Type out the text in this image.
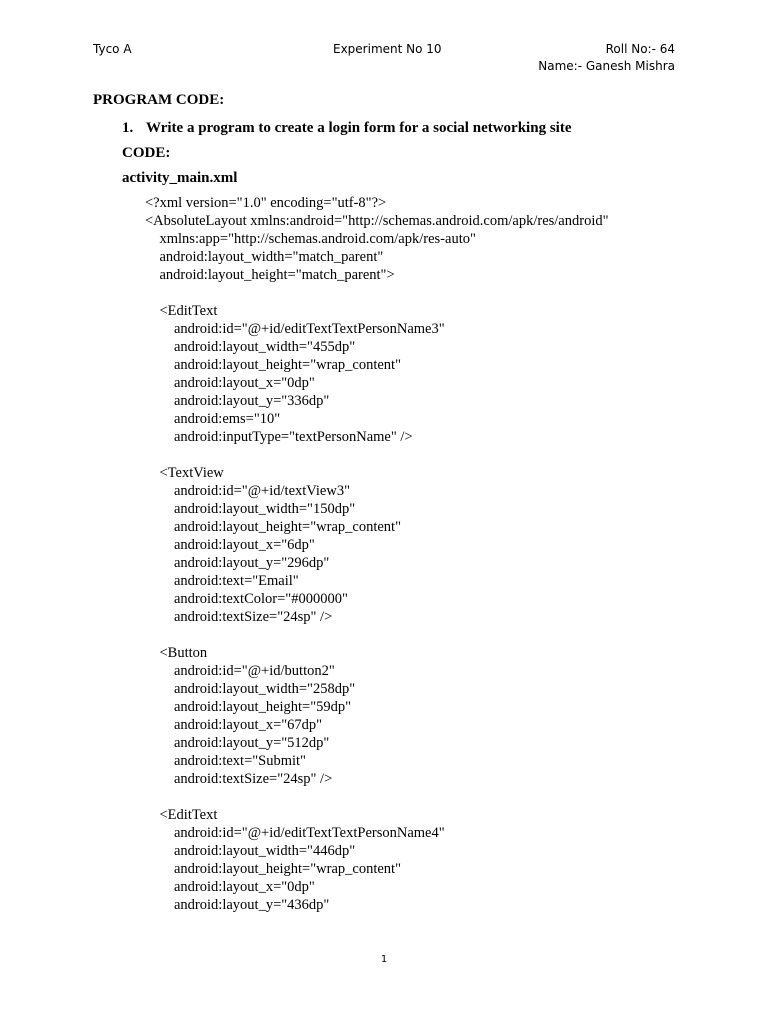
Tyco A	Experiment No 10	Roll No:- 64
Name:- Ganesh Mishra
PROGRAM CODE:
1. Write a program to create a login form for a social networking site
CODE:
activity_main.xml
<?xml version="1.0" encoding="utf-8"?>
<AbsoluteLayout xmlns:android="http://schemas.android.com/apk/res/android"
xmlns:app="http://schemas.android.com/apk/res-auto"
android:layout_width="match_parent"
android:layout_height="match_parent">
<EditText
android:id="@+id/editTextTextPersonName3"
android:layout_width="455dp"
android:layout_height="wrap_content"
android:layout_x="0dp"
android:layout_y="336dp"
android:ems="10"
android:inputType="textPersonName" />
<TextView
android:id="@+id/textView3"
android:layout_width="150dp"
android:layout_height="wrap_content"
android:layout_x="6dp"
android:layout_y="296dp"
android:text="Email"
android:textColor="#000000"
android:textSize="24sp" />
<Button
android:id="@+id/button2"
android:layout_width="258dp"
android:layout_height="59dp"
android:layout_x="67dp"
android:layout_y="512dp"
android:text="Submit"
android:textSize="24sp" />
<EditText
android:id="@+id/editTextTextPersonName4"
android:layout_width="446dp"
android:layout_height="wrap_content"
android:layout_x="0dp"
android:layout_y="436dp"
1
